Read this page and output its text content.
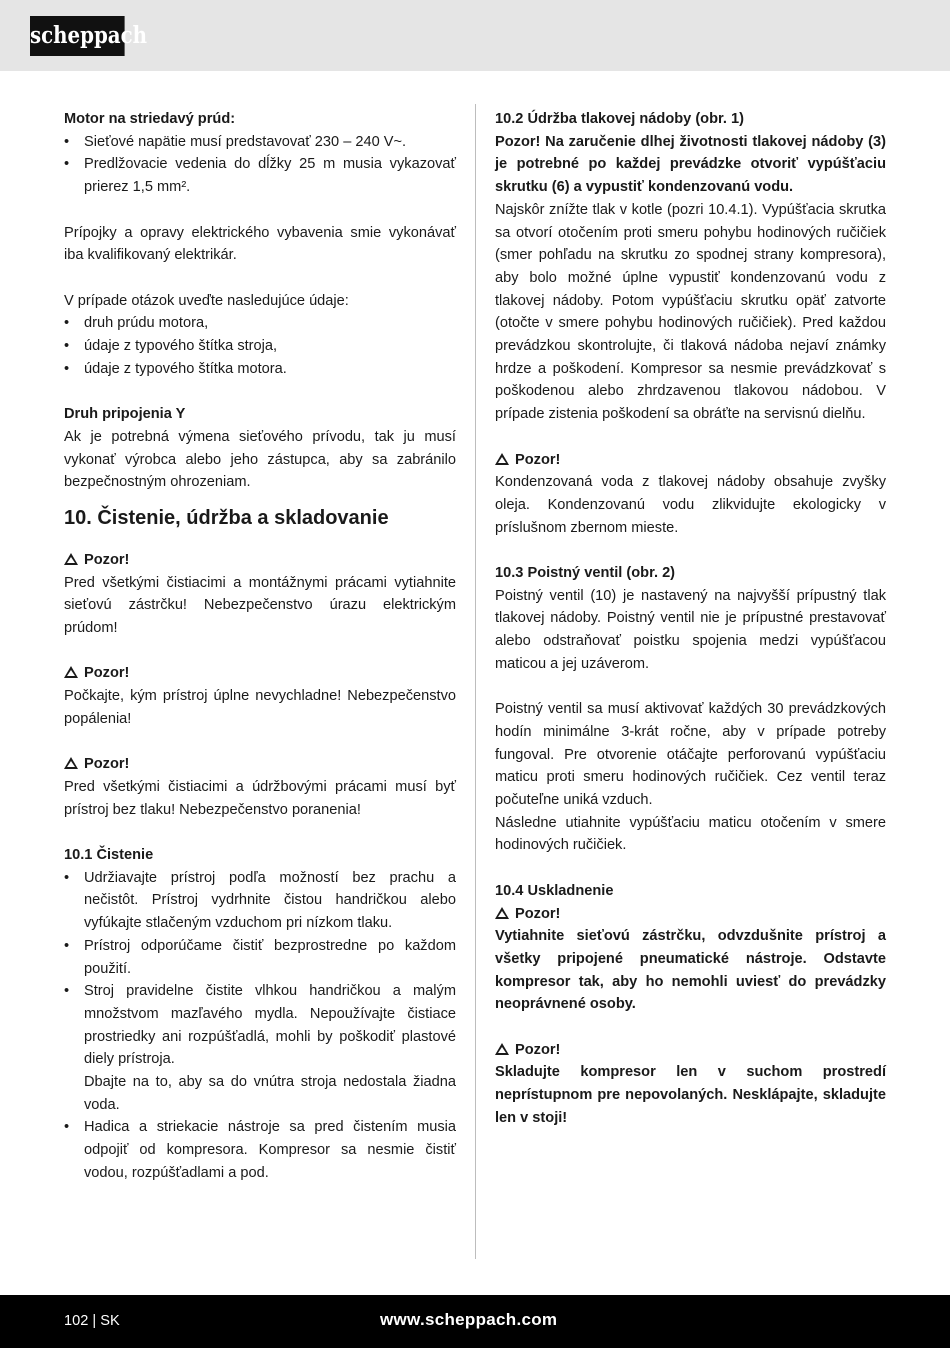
scheppach

Motor na striedavý prúd:

• Sieťové napätie musí predstavovať 230 – 240 V~.
• Predlžovacie vedenia do dĺžky 25 m musia vykazovať prierez 1,5 mm².

Prípojky a opravy elektrického vybavenia smie vykonávať iba kvalifikovaný elektrikár.

V prípade otázok uveďte nasledujúce údaje:

• druh prúdu motora,
• údaje z typového štítka stroja,
• údaje z typového štítka motora.

Druh pripojenia Y

Ak je potrebná výmena sieťového prívodu, tak ju musí vykonať výrobca alebo jeho zástupca, aby sa zabránilo bezpečnostným ohrozeniam.

10. Čistenie, údržba a skladovanie

Pozor!

Pred všetkými čistiacimi a montážnymi prácami vytiahnite sieťovú zástrčku! Nebezpečenstvo úrazu elektrickým prúdom!

Pozor!

Počkajte, kým prístroj úplne nevychladne! Nebezpečenstvo popálenia!

Pozor!

Pred všetkými čistiacimi a údržbovými prácami musí byť prístroj bez tlaku! Nebezpečenstvo poranenia!

10.1 Čistenie

• Udržiavajte prístroj podľa možností bez prachu a nečistôt. Prístroj vydrhnite čistou handričkou alebo vyfúkajte stlačeným vzduchom pri nízkom tlaku.
• Prístroj odporúčame čistiť bezprostredne po každom použití.
• Stroj pravidelne čistite vlhkou handričkou a malým množstvom mazľavého mydla. Nepoužívajte čistiace prostriedky ani rozpúšťadlá, mohli by poškodiť plastové diely prístroja.
Dbajte na to, aby sa do vnútra stroja nedostala žiadna voda.
• Hadica a striekacie nástroje sa pred čistením musia odpojiť od kompresora. Kompresor sa nesmie čistiť vodou, rozpúšťadlami a pod.

10.2 Údržba tlakovej nádoby (obr. 1)

Pozor! Na zaručenie dlhej životnosti tlakovej nádoby (3) je potrebné po každej prevádzke otvoriť vypúšťaciu skrutku (6) a vypustiť kondenzovanú vodu.

Najskôr znížte tlak v kotle (pozri 10.4.1). Vypúšťacia skrutka sa otvorí otočením proti smeru pohybu hodinových ručičiek (smer pohľadu na skrutku zo spodnej strany kompresora), aby bolo možné úplne vypustiť kondenzovanú vodu z tlakovej nádoby. Potom vypúšťaciu skrutku opäť zatvorte (otočte v smere pohybu hodinových ručičiek). Pred každou prevádzkou skontrolujte, či tlaková nádoba nejaví známky hrdze a poškodení. Kompresor sa nesmie prevádzkovať s poškodenou alebo zhrdzavenou tlakovou nádobou. V prípade zistenia poškodení sa obráťte na servisnú dielňu.

Pozor!

Kondenzovaná voda z tlakovej nádoby obsahuje zvyšky oleja. Kondenzovanú vodu zlikvidujte ekologicky v príslušnom zbernom mieste.

10.3 Poistný ventil (obr. 2)

Poistný ventil (10) je nastavený na najvyšší prípustný tlak tlakovej nádoby. Poistný ventil nie je prípustné prestavovať alebo odstraňovať poistku spojenia medzi vypúšťacou maticou a jej uzáverom.

Poistný ventil sa musí aktivovať každých 30 prevádzkových hodín minimálne 3-krát ročne, aby v prípade potreby fungoval. Pre otvorenie otáčajte perforovanú vypúšťaciu maticu proti smeru hodinových ručičiek. Cez ventil teraz počuteľne uniká vzduch.

Následne utiahnite vypúšťaciu maticu otočením v smere hodinových ručičiek.

10.4 Uskladnenie

Pozor!

Vytiahnite sieťovú zástrčku, odvzdušnite prístroj a všetky pripojené pneumatické nástroje. Odstavte kompresor tak, aby ho nemohli uviesť do prevádzky neoprávnené osoby.

Pozor!

Skladujte kompresor len v suchom prostredí neprístupnom pre nepovolaných. Nesklápajte, skladujte len v stoji!

102 | SK	www.scheppach.com
